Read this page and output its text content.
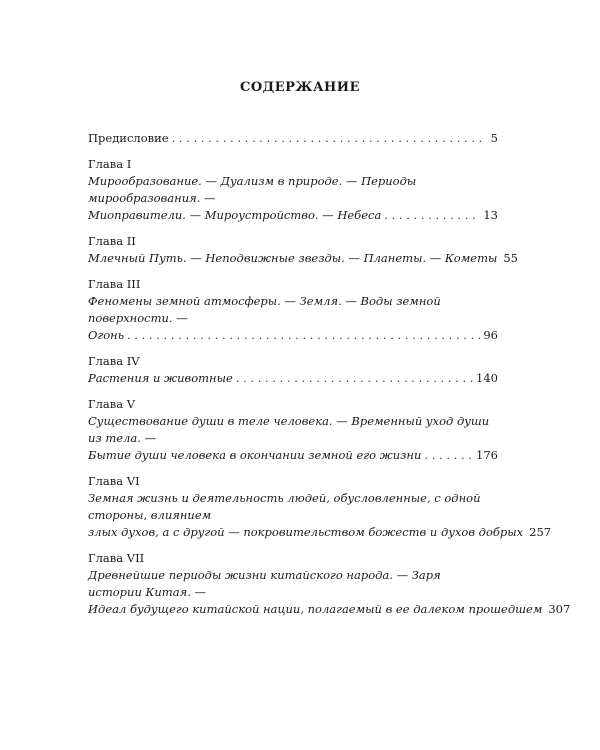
СОДЕРЖАНИЕ
Предисловие . . .	5
Глава I
Мирообразование. — Дуализм в природе. — Периоды мирообразования. —
Миоправители. — Мироустройство. — Небеса . . .	13
Глава II
Млечный Путь. — Неподвижные звезды. — Планеты. — Кометы 55
Глава III
Феномены земной атмосферы. — Земля. — Воды земной поверхности. —
Огонь . . .	96
Глава IV
Растения и животные . . .	140
Глава V
Существование души в теле человека. — Временный уход души из тела. —
Бытие души человека в окончании земной его жизни . . .	176
Глава VI
Земная жизнь и деятельность людей, обусловленные, с одной стороны, влиянием
злых духов, а с другой — покровительством божеств и духов добрых 257
Глава VII
Древнейшие периоды жизни китайского народа. — Заря истории Китая. —
Идеал будущего китайской нации, полагаемый в ее далеком прошедшем 307
